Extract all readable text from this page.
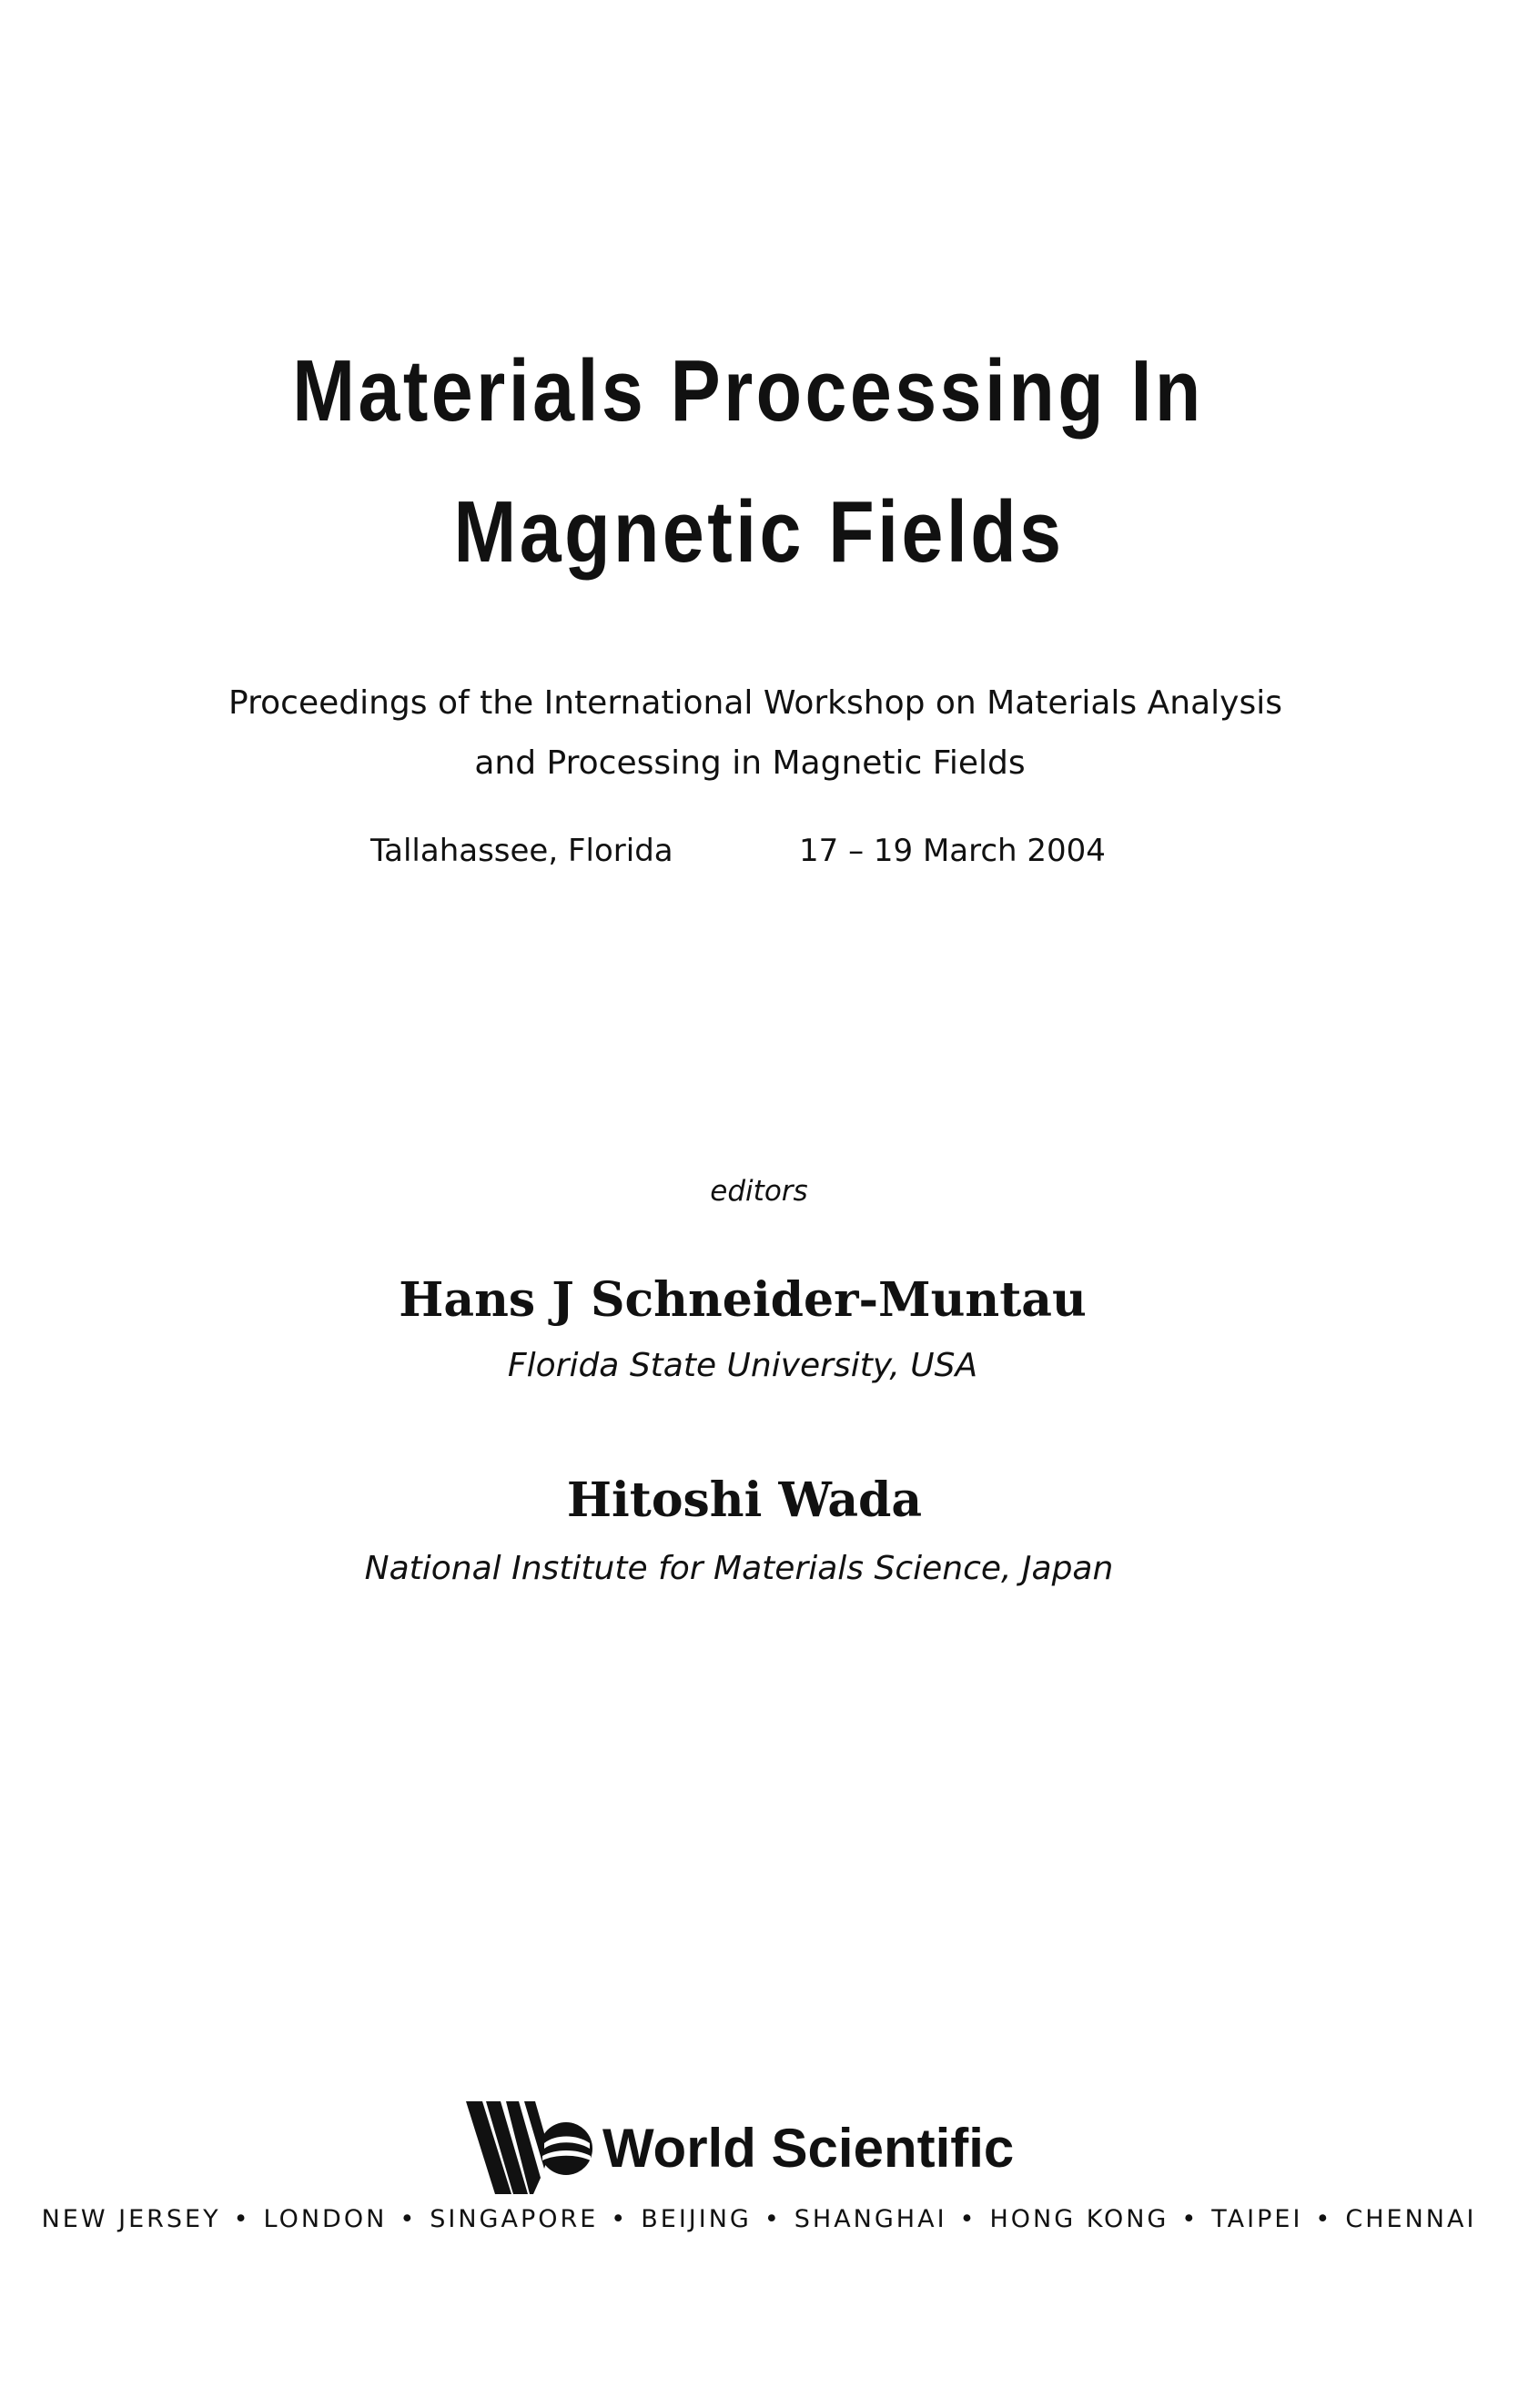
Materials Processing In
Magnetic Fields
Proceedings of the International Workshop on Materials Analysis
and Processing in Magnetic Fields
Tallahassee, Florida	17 – 19 March 2004
editors
Hans J Schneider-Muntau
Florida State University, USA
Hitoshi Wada
National Institute for Materials Science, Japan
World Scientific
NEW JERSEY • LONDON • SINGAPORE • BEIJING • SHANGHAI • HONG KONG • TAIPEI • CHENNAI
